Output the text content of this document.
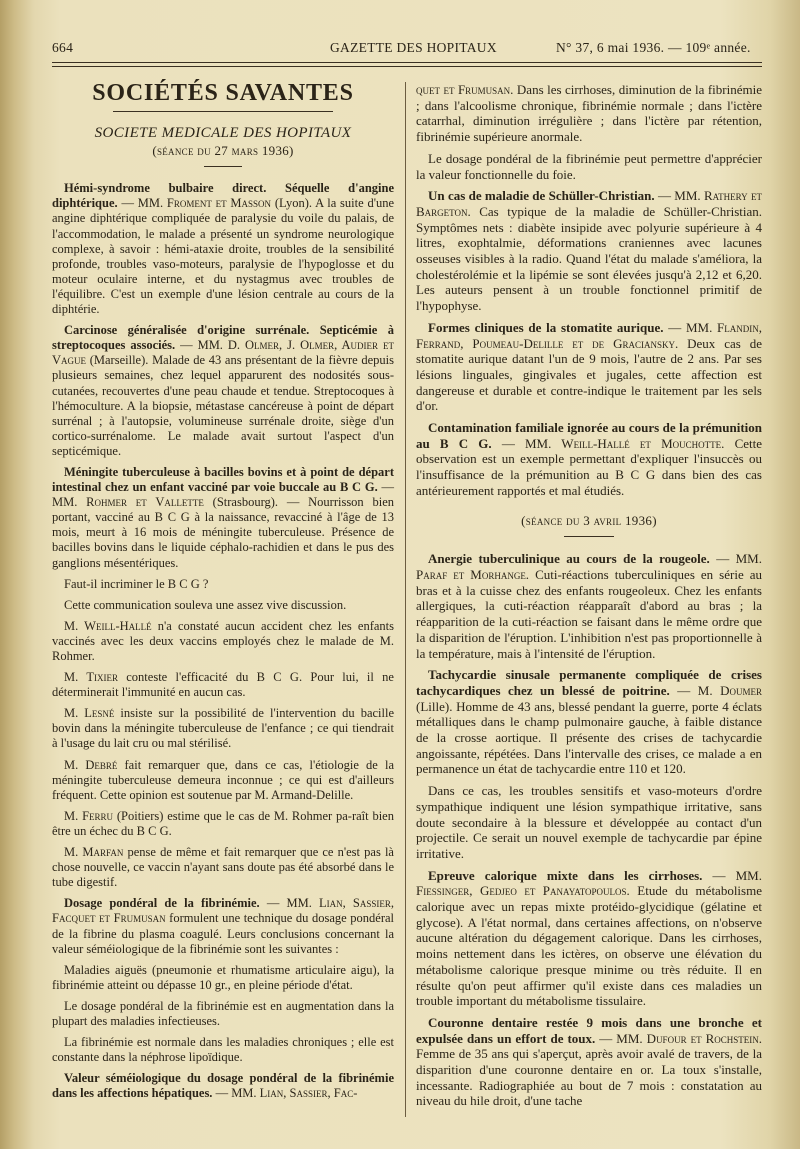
664	GAZETTE DES HOPITAUX	N° 37, 6 mai 1936. — 109ᵉ année.
SOCIÉTÉS SAVANTES
SOCIETE MEDICALE DES HOPITAUX
(séance du 27 mars 1936)

Hémi-syndrome bulbaire direct. Séquelle d'angine diphtérique. — MM. Froment et Masson (Lyon). A la suite d'une angine diphtérique compliquée de paralysie du voile du palais, de l'accommodation, le malade a présenté un syndrome neurologique complexe, à savoir : hémi-ataxie droite, troubles de la sensibilité profonde, troubles vaso-moteurs, paralysie de l'hypoglosse et du moteur oculaire interne, et du nystagmus avec troubles de l'équilibre. C'est un exemple d'une lésion centrale au cours de la diphtérie.

Carcinose généralisée d'origine surrénale. Septicémie à streptocoques associés. — MM. D. Olmer, J. Olmer, Audier et Vague (Marseille). Malade de 43 ans présentant de la fièvre depuis plusieurs semaines, chez lequel apparurent des nodosités sous-cutanées, recouvertes d'une peau chaude et tendue. Streptocoques à l'hémoculture. A la biopsie, métastase cancéreuse à point de départ surrénal ; à l'autopsie, volumineuse surrénale droite, siège d'un cortico-surrénalome. Le malade avait surtout l'aspect d'un septicémique.

Méningite tuberculeuse à bacilles bovins et à point de départ intestinal chez un enfant vacciné par voie buccale au B C G. — MM. Rohmer et Vallette (Strasbourg). — Nourrisson bien portant, vacciné au B C G à la naissance, revacciné à l'âge de 13 mois, meurt à 16 mois de méningite tuberculeuse. Présence de bacilles bovins dans le liquide céphalo-rachidien et dans le pus des ganglions mésentériques.

Faut-il incriminer le B C G ?

Cette communication souleva une assez vive discussion.

M. Weill-Hallé n'a constaté aucun accident chez les enfants vaccinés avec les deux vaccins employés chez le malade de M. Rohmer.

M. Tixier conteste l'efficacité du B C G. Pour lui, il ne déterminerait l'immunité en aucun cas.

M. Lesné insiste sur la possibilité de l'intervention du bacille bovin dans la méningite tuberculeuse de l'enfance ; ce qui tiendrait à l'usage du lait cru ou mal stérilisé.

M. Debré fait remarquer que, dans ce cas, l'étiologie de la méningite tuberculeuse demeura inconnue ; ce qui est d'ailleurs fréquent. Cette opinion est soutenue par M. Armand-Delille.

M. Ferru (Poitiers) estime que le cas de M. Rohmer pa-raît bien être un échec du B C G.

M. Marfan pense de même et fait remarquer que ce n'est pas là chose nouvelle, ce vaccin n'ayant sans doute pas été absorbé dans le tube digestif.

Dosage pondéral de la fibrinémie. — MM. Lian, Sassier, Facquet et Frumusan formulent une technique du dosage pondéral de la fibrine du plasma coagulé. Leurs conclusions concernant la valeur séméiologique de la fibrinémie sont les suivantes :

Maladies aiguës (pneumonie et rhumatisme articulaire aigu), la fibrinémie atteint ou dépasse 10 gr., en pleine période d'état.

Le dosage pondéral de la fibrinémie est en augmentation dans la plupart des maladies infectieuses.

La fibrinémie est normale dans les maladies chroniques ; elle est constante dans la néphrose lipoïdique.

Valeur séméiologique du dosage pondéral de la fibrinémie dans les affections hépatiques. — MM. Lian, Sassier, Fac-

quet et Frumusan. Dans les cirrhoses, diminution de la fibrinémie ; dans l'alcoolisme chronique, fibrinémie normale ; dans l'ictère catarrhal, diminution irrégulière ; dans l'ictère par rétention, fibrinémie supérieure anormale.

Le dosage pondéral de la fibrinémie peut permettre d'apprécier la valeur fonctionnelle du foie.

Un cas de maladie de Schüller-Christian. — MM. Rathery et Bargeton. Cas typique de la maladie de Schüller-Christian. Symptômes nets : diabète insipide avec polyurie supérieure à 4 litres, exophtalmie, déformations craniennes avec lacunes osseuses visibles à la radio. Quand l'état du malade s'améliora, la cholestérolémie et la lipémie se sont élevées jusqu'à 2,12 et 6,20. Les auteurs pensent à un trouble fonctionnel primitif de l'hypophyse.

Formes cliniques de la stomatite aurique. — MM. Flandin, Ferrand, Poumeau-Delille et de Graciansky. Deux cas de stomatite aurique datant l'un de 9 mois, l'autre de 2 ans. Par ses lésions linguales, gingivales et jugales, cette affection est dangereuse et durable et contre-indique le traitement par les sels d'or.

Contamination familiale ignorée au cours de la prémunition au B C G. — MM. Weill-Hallé et Mouchotte. Cette observation est un exemple permettant d'expliquer l'insuccès ou l'insuffisance de la prémunition au B C G dans bien des cas antérieurement rapportés et mal étudiés.

(séance du 3 avril 1936)

Anergie tuberculinique au cours de la rougeole. — MM. Paraf et Morhange. Cuti-réactions tuberculiniques en série au bras et à la cuisse chez des enfants rougeoleux. Chez les enfants allergiques, la cuti-réaction réapparaît d'abord au bras ; la réapparition de la cuti-réaction se faisant dans le même ordre que la disparition de l'éruption. L'inhibition n'est pas proportionnelle à la température, mais à l'intensité de l'éruption.

Tachycardie sinusale permanente compliquée de crises tachycardiques chez un blessé de poitrine. — M. Doumer (Lille). Homme de 43 ans, blessé pendant la guerre, porte 4 éclats métalliques dans le champ pulmonaire gauche, à faible distance de la crosse aortique. Il présente des crises de tachycardie angoissante, répétées. Dans l'intervalle des crises, ce malade a en permanence un état de tachycardie entre 110 et 120.

Dans ce cas, les troubles sensitifs et vaso-moteurs d'ordre sympathique indiquent une lésion sympathique irritative, sans doute secondaire à la blessure et développée au contact d'un projectile. Ce serait un nouvel exemple de tachycardie par épine irritative.

Epreuve calorique mixte dans les cirrhoses. — MM. Fiessinger, Gedjeo et Panayatopoulos. Etude du métabolisme calorique avec un repas mixte protéido-glycidique (gélatine et glycose). A l'état normal, dans certaines affections, on n'observe aucune altération du dégagement calorique. Dans les cirrhoses, moins nettement dans les ictères, on observe une élévation du métabolisme calorique presque minime ou très réduite. Il en résulte qu'on peut affirmer qu'il existe dans ces maladies un trouble important du métabolisme tissulaire.

Couronne dentaire restée 9 mois dans une bronche et expulsée dans un effort de toux. — MM. Dufour et Rochstein. Femme de 35 ans qui s'aperçut, après avoir avalé de travers, de la disparition d'une couronne dentaire en or. La toux s'installe, incessante. Radiographiée au bout de 7 mois : constatation au niveau du hile droit, d'une tache
